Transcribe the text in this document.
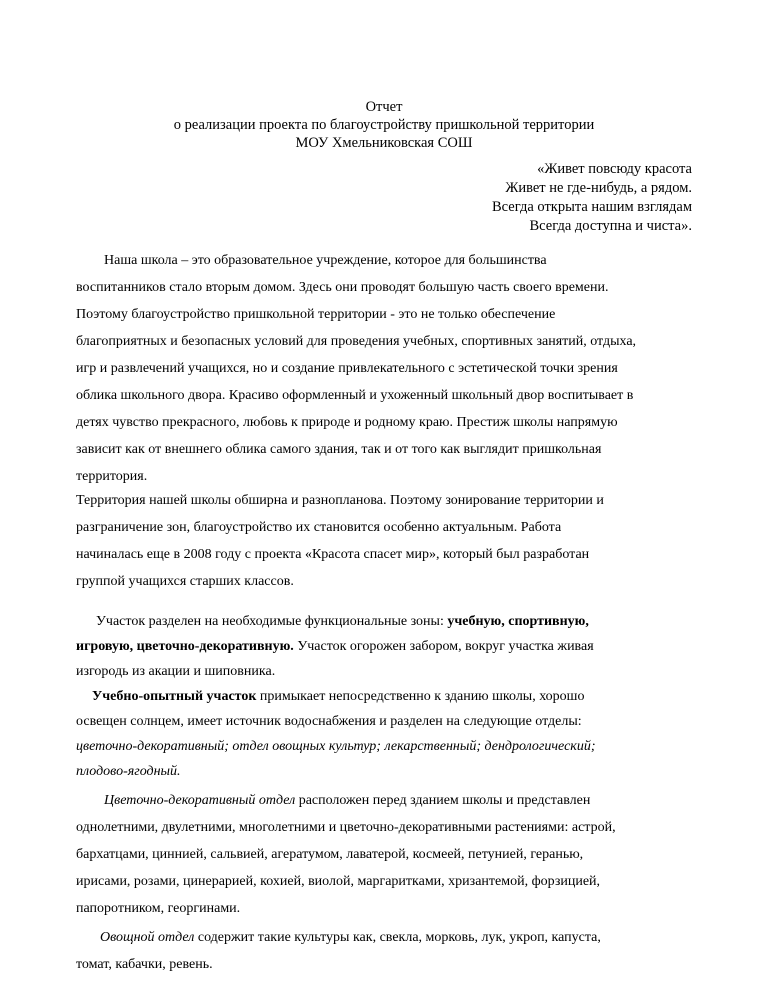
Отчет
о реализации проекта по благоустройству пришкольной территории
МОУ Хмельниковская СОШ
«Живет повсюду красота
Живет не где-нибудь, а рядом.
Всегда открыта нашим взглядам
Всегда доступна и чиста».
Наша школа – это образовательное учреждение, которое для большинства
воспитанников стало вторым домом. Здесь они проводят большую часть своего времени.
Поэтому благоустройство пришкольной территории - это не только обеспечение
благоприятных и безопасных условий для проведения учебных, спортивных занятий, отдыха,
игр и развлечений учащихся, но и создание привлекательного с эстетической точки зрения
облика школьного двора. Красиво оформленный и ухоженный школьный двор воспитывает в
детях чувство прекрасного, любовь к природе и родному краю. Престиж школы напрямую
зависит как от внешнего облика самого здания, так и от того как выглядит пришкольная
территория.
Территория нашей школы обширна и разнопланова. Поэтому зонирование территории и
разграничение зон, благоустройство их становится особенно актуальным. Работа
начиналась еще в 2008 году с проекта «Красота спасет мир», который был разработан
группой учащихся старших классов.
Участок разделен на необходимые функциональные зоны: учебную, спортивную,
игровую, цветочно-декоративную. Участок огорожен забором, вокруг участка живая
изгородь из акации и шиповника.
Учебно-опытный участок примыкает непосредственно к зданию школы, хорошо
освещен солнцем, имеет источник водоснабжения и разделен на следующие отделы:
цветочно-декоративный; отдел овощных культур; лекарственный; дендрологический;
плодово-ягодный.
Цветочно-декоративный отдел расположен перед зданием школы и представлен
однолетними, двулетними, многолетними и цветочно-декоративными растениями: астрой,
бархатцами, циннией, сальвией, агератумом, лаватерой, космеей, петунией, геранью,
ирисами, розами, цинерарией, кохией, виолой, маргаритками, хризантемой, форзицией,
папоротником, георгинами.
Овощной отдел содержит такие культуры как, свекла, морковь, лук, укроп, капуста,
томат, кабачки, ревень.
